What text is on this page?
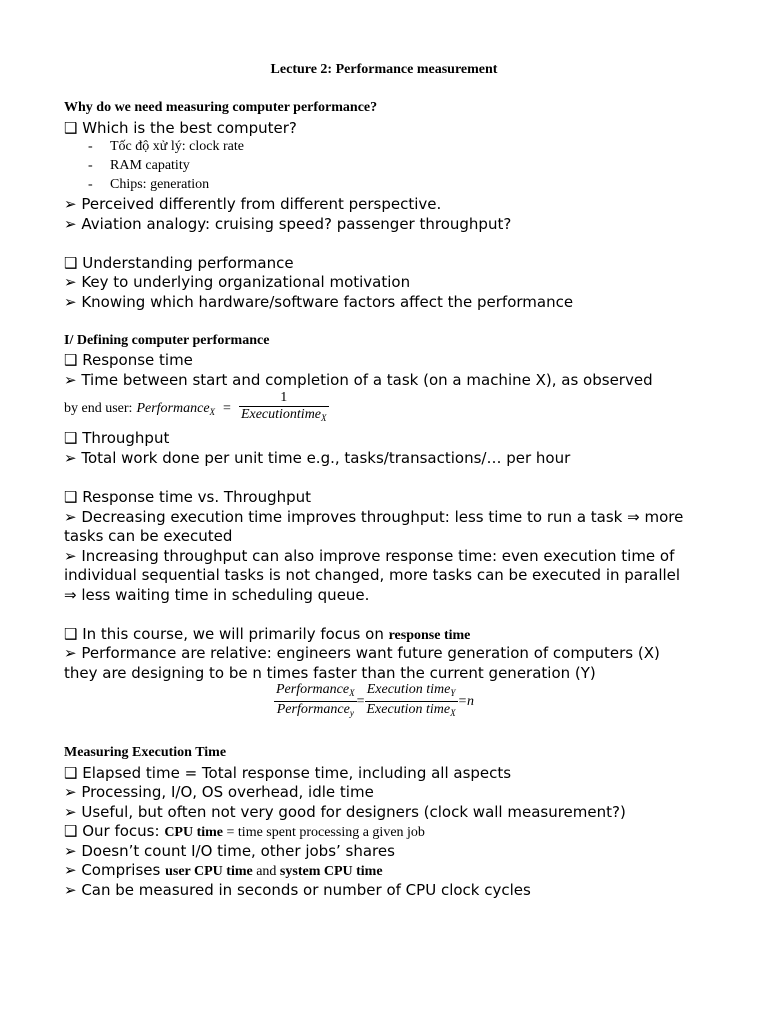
Lecture 2: Performance measurement
Why do we need measuring computer performance?
❑ Which is the best computer?
- Tốc độ xử lý: clock rate
- RAM capatity
- Chips: generation
➢ Perceived differently from different perspective.
➢ Aviation analogy: cruising speed? passenger throughput?
❑ Understanding performance
➢ Key to underlying organizational motivation
➢ Knowing which hardware/software factors affect the performance
I/ Defining computer performance
❑ Response time
➢ Time between start and completion of a task (on a machine X), as observed
by end user: Performance$_X$ = $\frac{1}{Executiontime_X}$
❑ Throughput
➢ Total work done per unit time e.g., tasks/transactions/… per hour
❑ Response time vs. Throughput
➢ Decreasing execution time improves throughput: less time to run a task ⇒ more
tasks can be executed
➢ Increasing throughput can also improve response time: even execution time of
individual sequential tasks is not changed, more tasks can be executed in parallel
⇒ less waiting time in scheduling queue.
❑ In this course, we will primarily focus on response time
➢ Performance are relative: engineers want future generation of computers (X)
they are designing to be n times faster than the current generation (Y)
$\frac{Performance_X}{Performance_y} = \frac{Execution time_Y}{Execution time_X} =n$
Measuring Execution Time
❑ Elapsed time = Total response time, including all aspects
➢ Processing, I/O, OS overhead, idle time
➢ Useful, but often not very good for designers (clock wall measurement?)
❑ Our focus: CPU time = time spent processing a given job
➢ Doesn’t count I/O time, other jobs’ shares
➢ Comprises user CPU time and system CPU time
➢ Can be measured in seconds or number of CPU clock cycles
